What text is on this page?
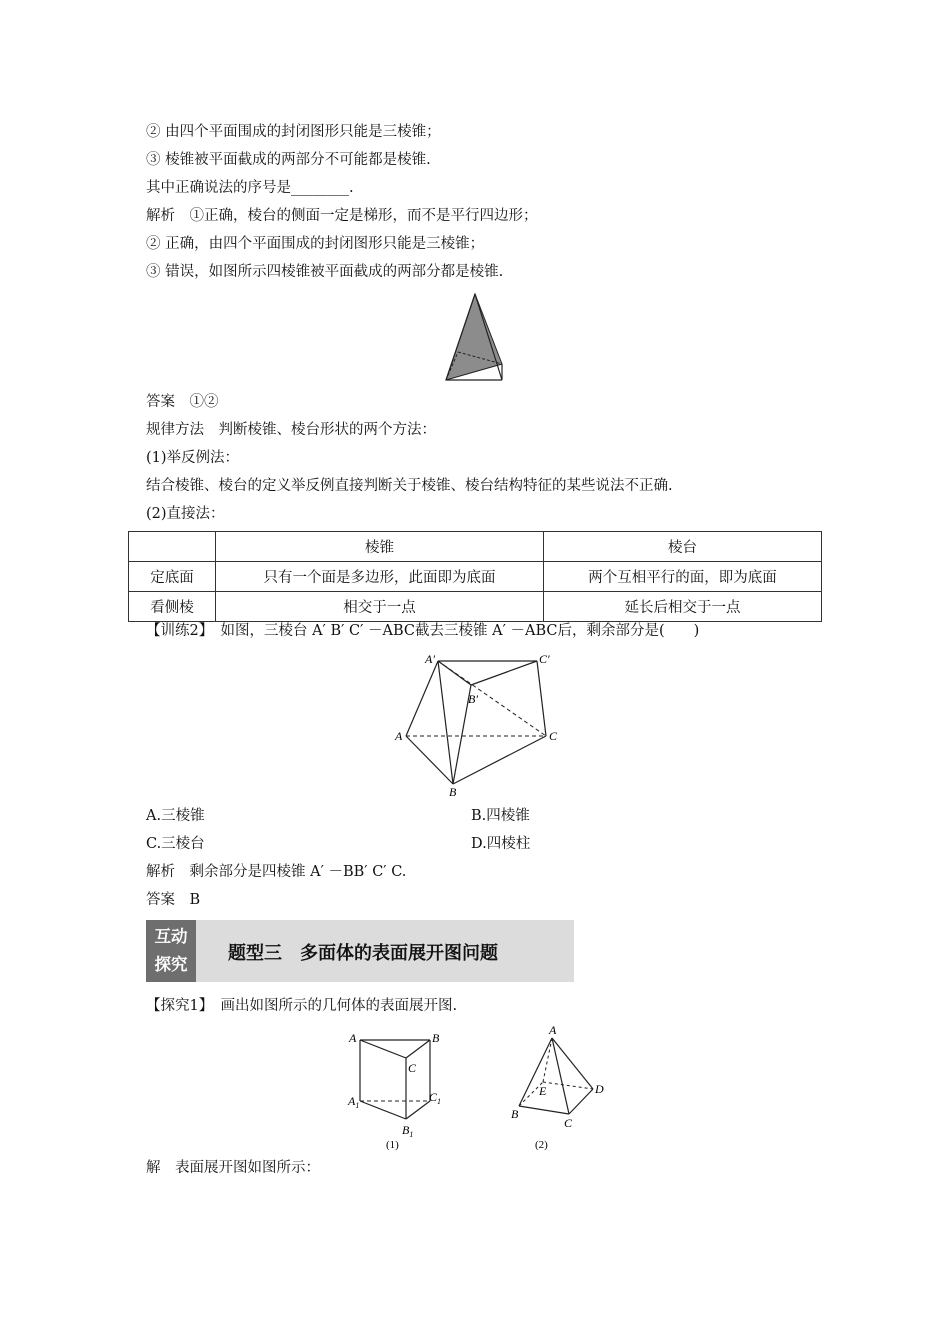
② 由四个平面围成的封闭图形只能是三棱锥；
③ 棱锥被平面截成的两部分不可能都是棱锥.
其中正确说法的序号是________.
解析　①正确，棱台的侧面一定是梯形，而不是平行四边形；
② 正确，由四个平面围成的封闭图形只能是三棱锥；
③ 错误，如图所示四棱锥被平面截成的两部分都是棱锥.
答案　①②
规律方法　判断棱锥、棱台形状的两个方法：
(1)举反例法：
结合棱锥、棱台的定义举反例直接判断关于棱锥、棱台结构特征的某些说法不正确.
(2)直接法：
	棱锥	棱台
定底面	只有一个面是多边形，此面即为底面	两个互相平行的面，即为底面
看侧棱	相交于一点	延长后相交于一点
【训练2】　如图，三棱台 A′ B′ C′ －ABC截去三棱锥 A′ －ABC后，剩余部分是(　　)
A′
B′
C′
A
B
C
A.三棱锥	B.四棱锥
C.三棱台	D.四棱柱
解析　剩余部分是四棱锥 A′ －BB′ C′ C.
答案　B
互动
探究
题型三　多面体的表面展开图问题
【探究1】　画出如图所示的几何体的表面展开图.
A	B
C
$A_1$
$C_1$
$B_1$
(1)
A
E	D
B
C
(2)
解　表面展开图如图所示：
